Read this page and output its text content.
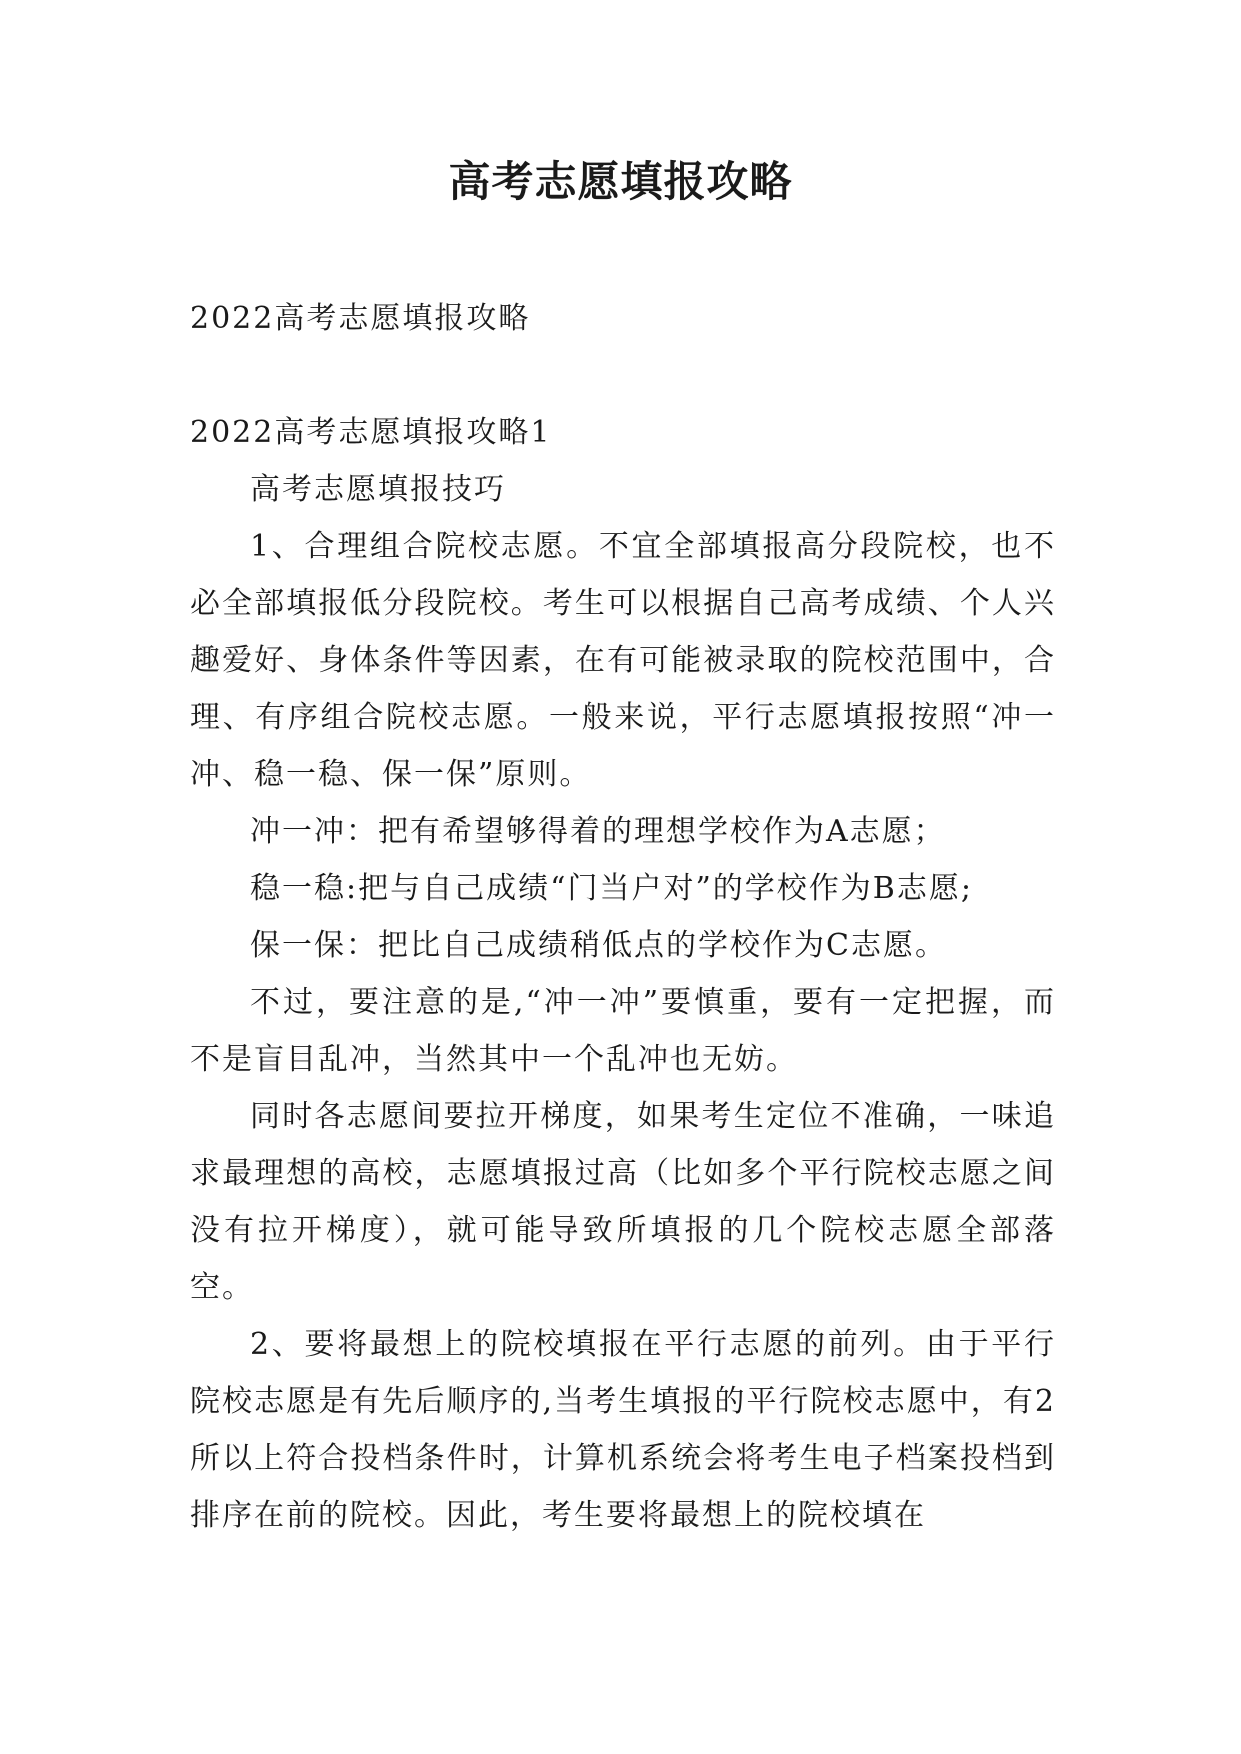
高考志愿填报攻略

2022高考志愿填报攻略

2022高考志愿填报攻略1

高考志愿填报技巧

1、合理组合院校志愿。不宜全部填报高分段院校，也不必全部填报低分段院校。考生可以根据自己高考成绩、个人兴趣爱好、身体条件等因素，在有可能被录取的院校范围中，合理、有序组合院校志愿。一般来说，平行志愿填报按照“冲一冲、稳一稳、保一保”原则。

冲一冲：把有希望够得着的理想学校作为A志愿；

稳一稳:把与自己成绩“门当户对”的学校作为B志愿;

保一保：把比自己成绩稍低点的学校作为C志愿。

不过，要注意的是,“冲一冲”要慎重，要有一定把握，而不是盲目乱冲，当然其中一个乱冲也无妨。

同时各志愿间要拉开梯度，如果考生定位不准确，一味追求最理想的高校，志愿填报过高（比如多个平行院校志愿之间没有拉开梯度），就可能导致所填报的几个院校志愿全部落空。

2、要将最想上的院校填报在平行志愿的前列。由于平行院校志愿是有先后顺序的,当考生填报的平行院校志愿中，有2所以上符合投档条件时，计算机系统会将考生电子档案投档到排序在前的院校。因此，考生要将最想上的院校填在
